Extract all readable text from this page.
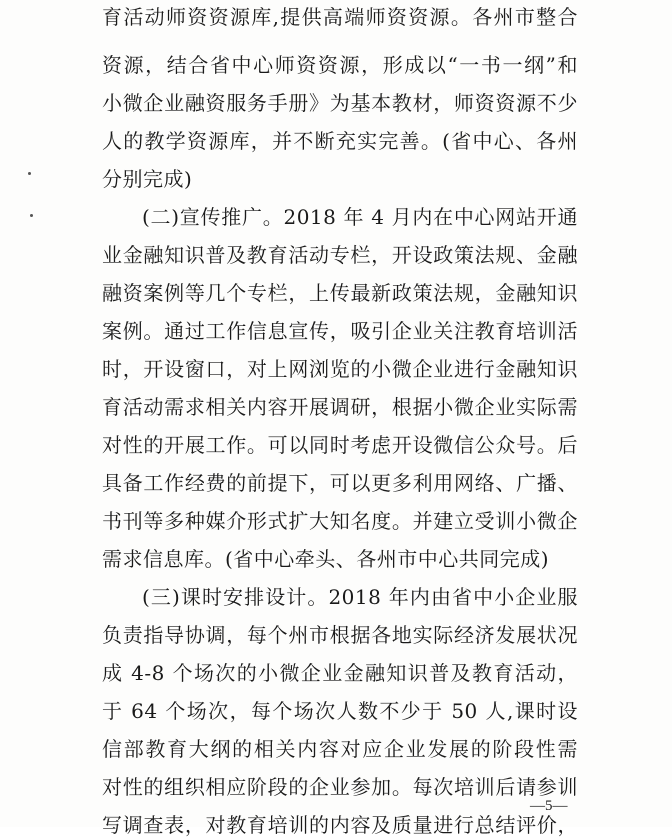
育活动师资资源库,提供高端师资资源。各州市整合
资源，结合省中心师资资源，形成以“一书一纲”和
小微企业融资服务手册》为基本教材，师资资源不少
人的教学资源库，并不断充实完善。(省中心、各州
分别完成)
(二)宣传推广。2018 年 4 月内在中心网站开通
业金融知识普及教育活动专栏，开设政策法规、金融
融资案例等几个专栏，上传最新政策法规，金融知识
案例。通过工作信息宣传，吸引企业关注教育培训活
时，开设窗口，对上网浏览的小微企业进行金融知识
育活动需求相关内容开展调研，根据小微企业实际需
对性的开展工作。可以同时考虑开设微信公众号。后
具备工作经费的前提下，可以更多利用网络、广播、
书刊等多种媒介形式扩大知名度。并建立受训小微企
需求信息库。(省中心牵头、各州市中心共同完成)
(三)课时安排设计。2018 年内由省中小企业服
负责指导协调，每个州市根据各地实际经济发展状况
成 4-8 个场次的小微企业金融知识普及教育活动，
于 64 个场次，每个场次人数不少于 50 人,课时设
信部教育大纲的相关内容对应企业发展的阶段性需
对性的组织相应阶段的企业参加。每次培训后请参训
写调查表，对教育培训的内容及质量进行总结评价，
—5—
